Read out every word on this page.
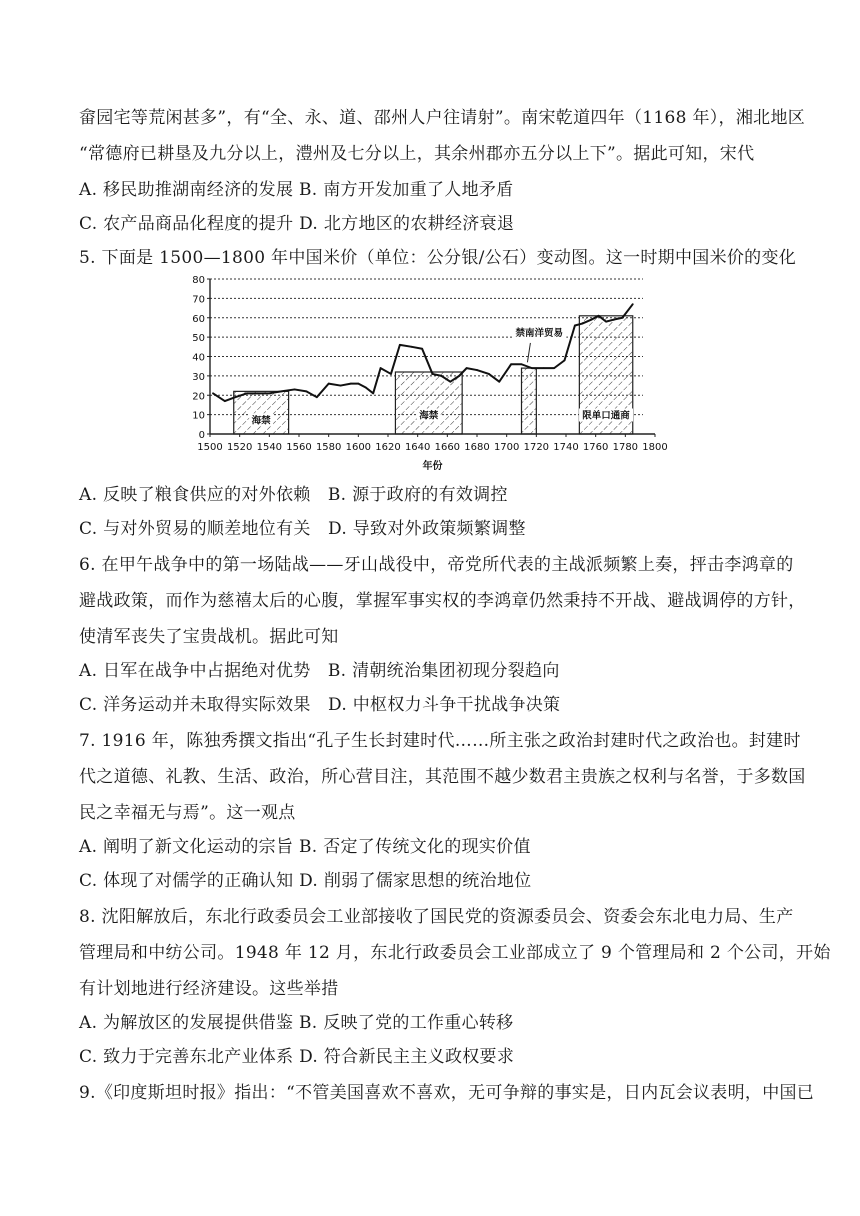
畲园宅等荒闲甚多”，有“全、永、道、邵州人户往请射”。南宋乾道四年（1168 年），湘北地区
“常德府已耕垦及九分以上，澧州及七分以上，其余州郡亦五分以上下”。据此可知，宋代
A. 移民助推湖南经济的发展 B. 南方开发加重了人地矛盾
C. 农产品商品化程度的提升 D. 北方地区的农耕经济衰退
5. 下面是 1500—1800 年中国米价（单位：公分银/公石）变动图。这一时期中国米价的变化
0
10
20
30
40
50
60
70
80
1500 1520 1540 1560 1580 1600 1620 1640 1660 1680 1700 1720 1740 1760 1780 1800
年份
海禁	海禁
禁南洋贸易
限单口通商
A. 反映了粮食供应的对外依赖　B. 源于政府的有效调控
C. 与对外贸易的顺差地位有关　D. 导致对外政策频繁调整
6. 在甲午战争中的第一场陆战——牙山战役中，帝党所代表的主战派频繁上奏，抨击李鸿章的
避战政策，而作为慈禧太后的心腹，掌握军事实权的李鸿章仍然秉持不开战、避战调停的方针，
使清军丧失了宝贵战机。据此可知
A. 日军在战争中占据绝对优势　B. 清朝统治集团初现分裂趋向
C. 洋务运动并未取得实际效果　D. 中枢权力斗争干扰战争决策
7. 1916 年，陈独秀撰文指出“孔子生长封建时代……所主张之政治封建时代之政治也。封建时
代之道德、礼教、生活、政治，所心营目注，其范围不越少数君主贵族之权利与名誉，于多数国
民之幸福无与焉”。这一观点
A. 阐明了新文化运动的宗旨 B. 否定了传统文化的现实价值
C. 体现了对儒学的正确认知 D. 削弱了儒家思想的统治地位
8. 沈阳解放后，东北行政委员会工业部接收了国民党的资源委员会、资委会东北电力局、生产
管理局和中纺公司。1948 年 12 月，东北行政委员会工业部成立了 9 个管理局和 2 个公司，开始
有计划地进行经济建设。这些举措
A. 为解放区的发展提供借鉴 B. 反映了党的工作重心转移
C. 致力于完善东北产业体系 D. 符合新民主主义政权要求
9.《印度斯坦时报》指出：“不管美国喜欢不喜欢，无可争辩的事实是，日内瓦会议表明，中国已
